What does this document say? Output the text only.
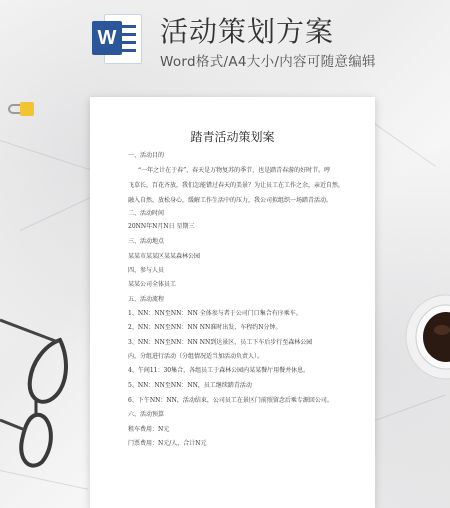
W 活动策划方案
Word格式/A4大小/内容可随意编辑
踏青活动策划案
一、活动目的
“一年之计在于春”，春天是万物复苏的季节，也是踏青春游的好时节。哼
飞草长，百花齐放，我们怎能错过春天的美景？为让员工在工作之余，亲近自然，
融入自然，放松身心，缓解工作生活中的压力，我公司拟组织一场踏青活动。
二、活动时间
20NN年N月N日 星期三
三、活动地点
某某市某某区某某森林公园
四、参与人员
某某公司全体员工
五、活动流程
1、NN：NN至NN：NN 全体参与者于公司门口集合有序乘车。
2、NN：NN至NN：NN NN准时出发，车程约N分钟。
3、NN：NN至NN：NN NN到达景区，员工下车后步行至森林公园
内，分组进行活动（分组情况适当加活动负责人）。
4、午间11：30集合，各组员工于森林公园内某某餐厅用餐并休息。
5、NN：NN至NN：NN，员工继续踏青活动
6、下午NN：NN，活动结束，公司员工在景区门前照留念后乘专源回公司。
六、活动预算
租车费用：N元
门票费用：N元/人，合计N元
